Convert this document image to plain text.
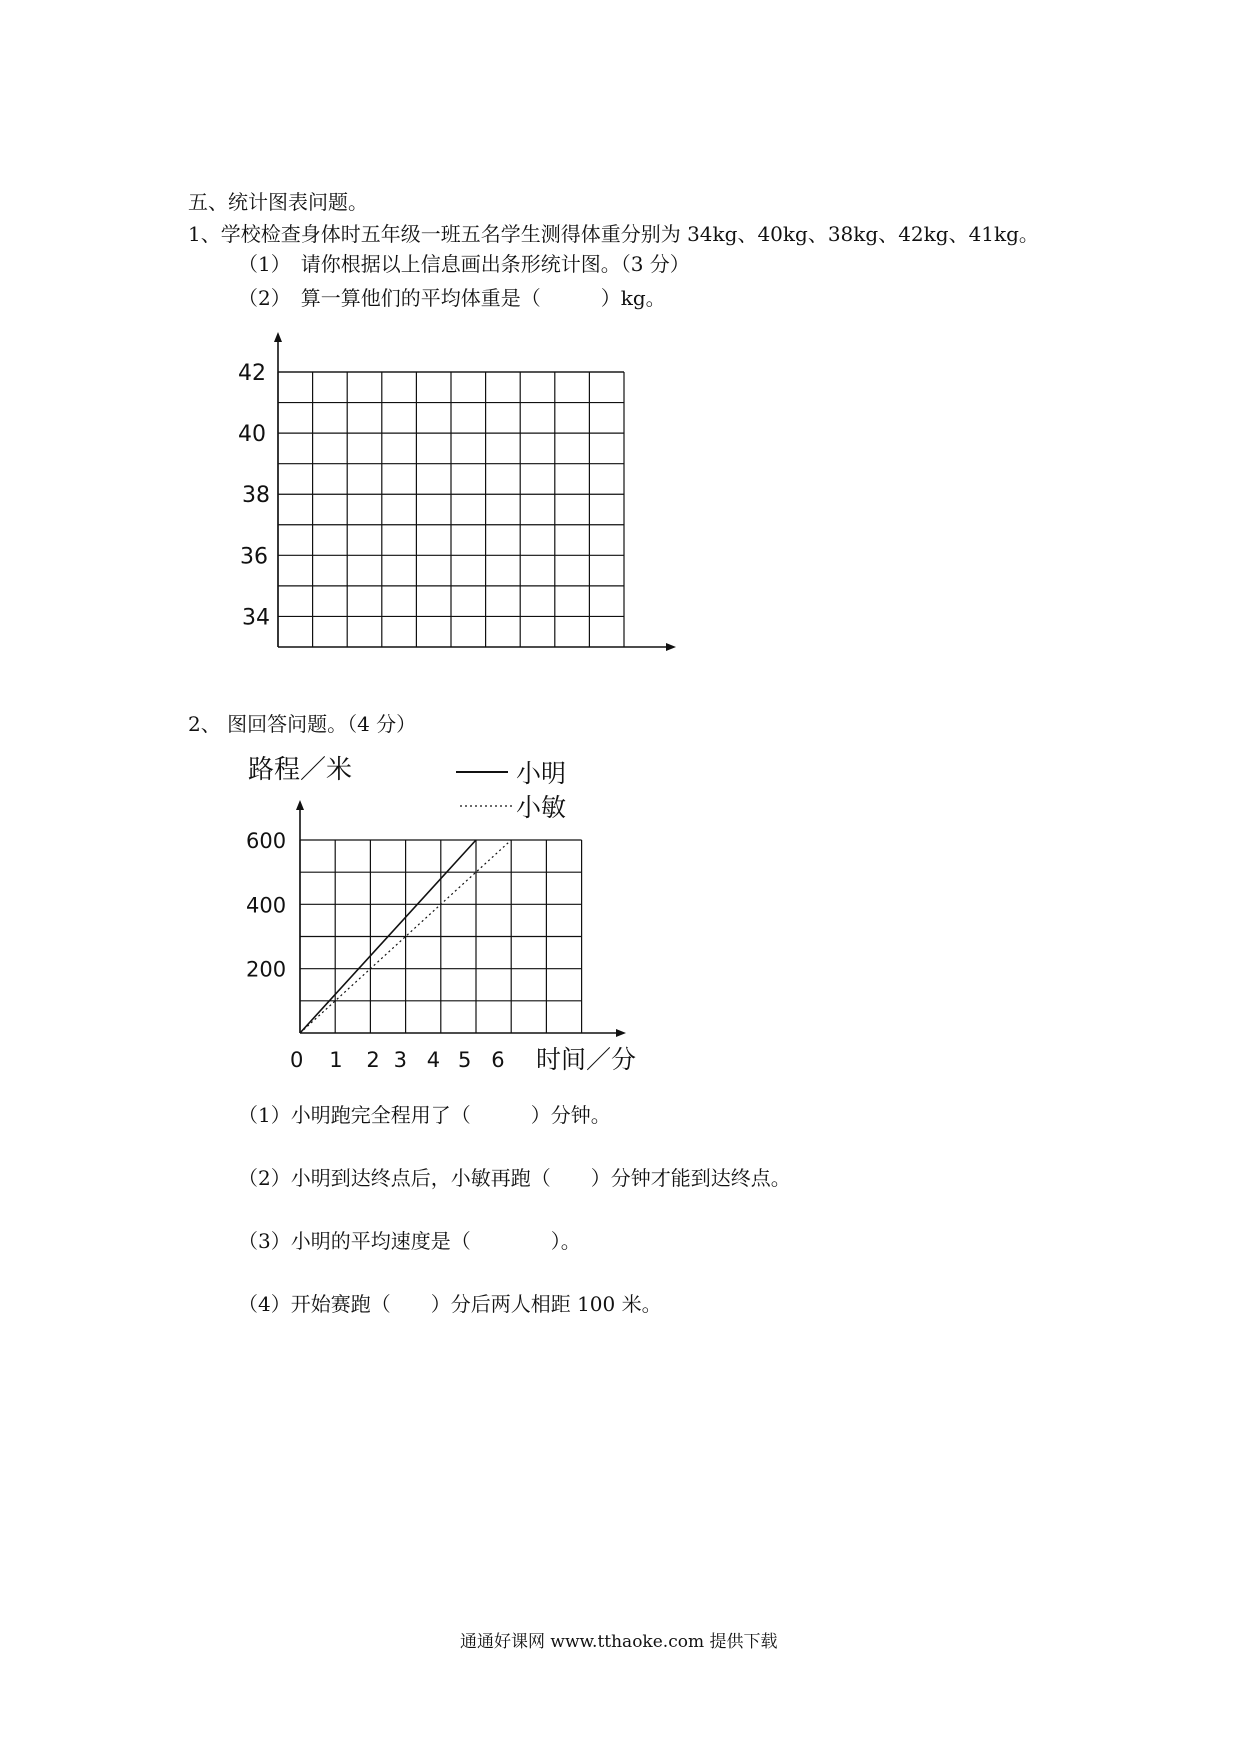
五、统计图表问题。
1、学校检查身体时五年级一班五名学生测得体重分别为 34kg、40kg、38kg、42kg、41kg。
（1）　请你根据以上信息画出条形统计图。（3 分）
（2）　算一算他们的平均体重是（　　　）kg。
42
40
38
36
34
2、 图回答问题。（4 分）
0 1 2 3 4 5 6
600
400
200
路程／米
时间／分
小明
小敏
（1）小明跑完全程用了（　　　）分钟。
（2）小明到达终点后，小敏再跑（　　）分钟才能到达终点。
（3）小明的平均速度是（　　　　）。
（4）开始赛跑（　　）分后两人相距 100 米。
通通好课网 www.tthaoke.com 提供下载
